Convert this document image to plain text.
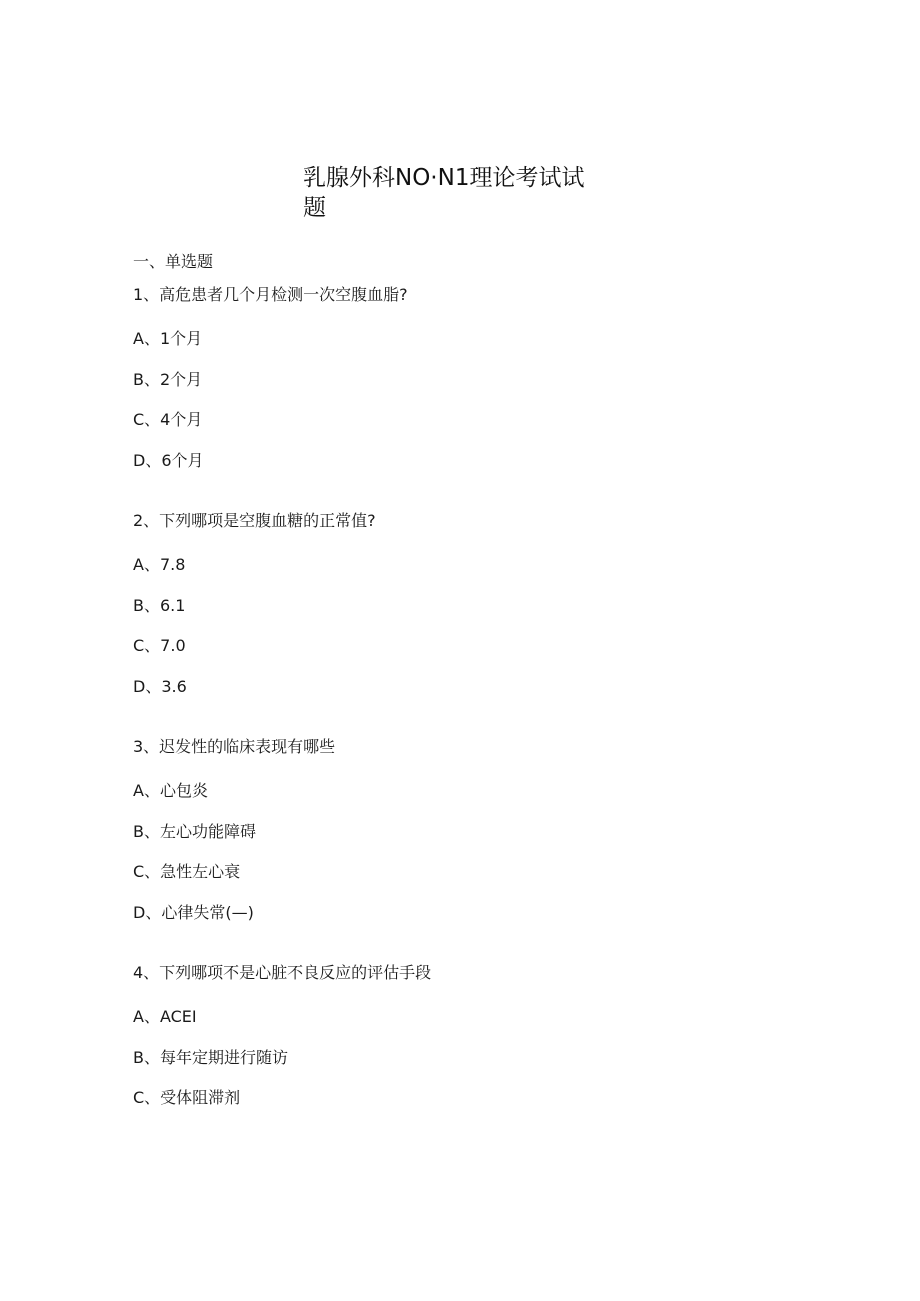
乳腺外科NO·N1理论考试试题
一、单选题

1、高危患者几个月检测一次空腹血脂?

A、1个月

B、2个月

C、4个月

D、6个月

2、下列哪项是空腹血糖的正常值?

A、7.8

B、6.1

C、7.0

D、3.6

3、迟发性的临床表现有哪些

A、心包炎

B、左心功能障碍

C、急性左心衰

D、心律失常(—)

4、下列哪项不是心脏不良反应的评估手段

A、ACEI

B、每年定期进行随访

C、受体阻滞剂
